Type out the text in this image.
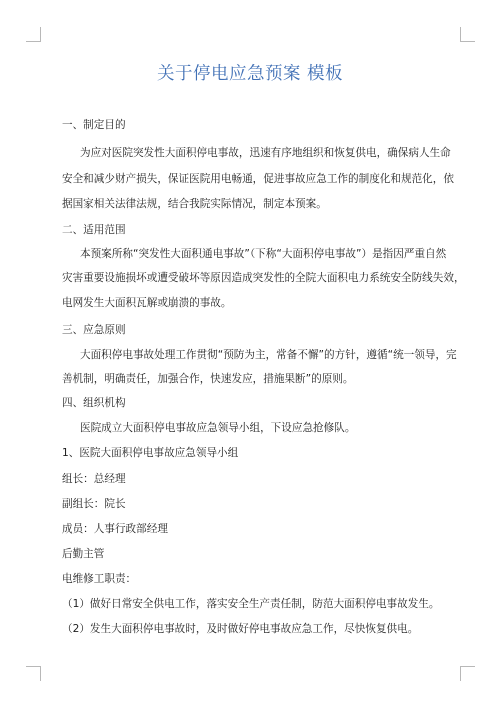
关于停电应急预案 模板
一、制定目的
为应对医院突发性大面积停电事故，迅速有序地组织和恢复供电，确保病人生命
安全和减少财产损失，保证医院用电畅通，促进事故应急工作的制度化和规范化，依
据国家相关法律法规，结合我院实际情况，制定本预案。
二、适用范围
本预案所称“突发性大面积通电事故”（下称“大面积停电事故”）是指因严重自然
灾害重要设施损坏或遭受破坏等原因造成突发性的全院大面积电力系统安全防线失效，
电网发生大面积瓦解或崩溃的事故。
三、应急原则
大面积停电事故处理工作贯彻“预防为主，常备不懈”的方针，遵循“统一领导，完
善机制，明确责任，加强合作，快速发应，措施果断”的原则。
四、组织机构
医院成立大面积停电事故应急领导小组，下设应急抢修队。
1、医院大面积停电事故应急领导小组
组长：总经理
副组长：院长
成员：人事行政部经理
后勤主管
电维修工职责：
（1）做好日常安全供电工作，落实安全生产责任制，防范大面积停电事故发生。
（2）发生大面积停电事故时，及时做好停电事故应急工作，尽快恢复供电。
